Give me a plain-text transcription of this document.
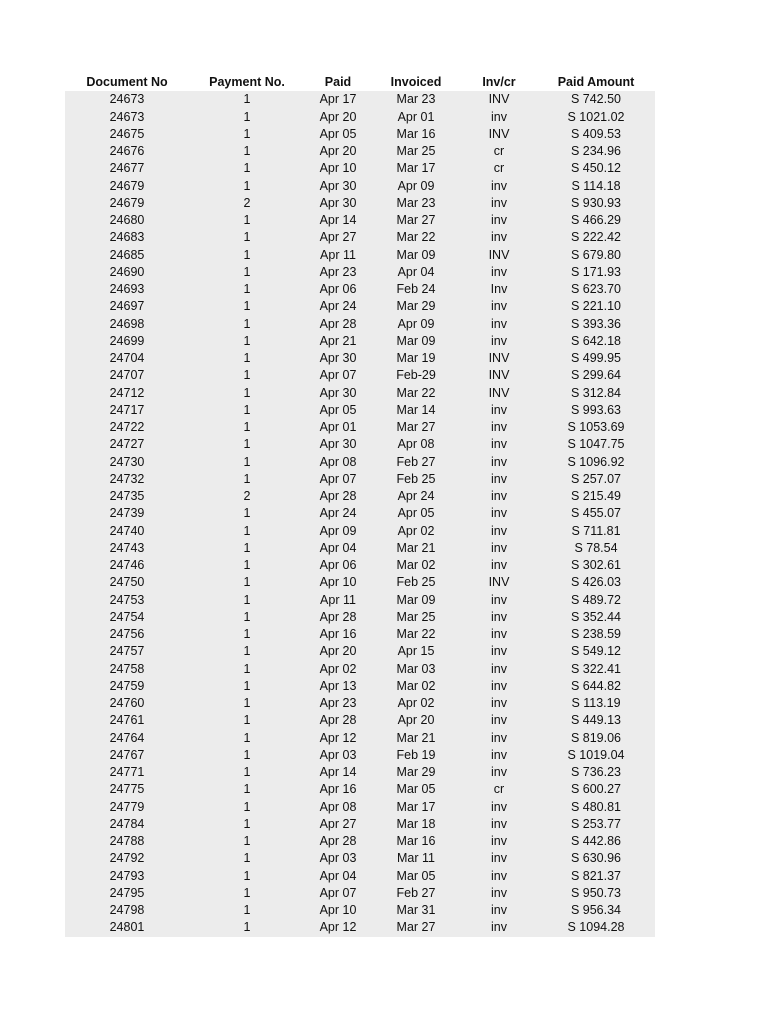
Document No	Payment No.	Paid	Invoiced	Inv/cr	Paid Amount
24673	1	Apr 17	Mar 23	INV	S 742.50
24673	1	Apr 20	Apr 01	inv	S 1021.02
24675	1	Apr 05	Mar 16	INV	S 409.53
24676	1	Apr 20	Mar 25	cr	S 234.96
24677	1	Apr 10	Mar 17	cr	S 450.12
24679	1	Apr 30	Apr 09	inv	S 114.18
24679	2	Apr 30	Mar 23	inv	S 930.93
24680	1	Apr 14	Mar 27	inv	S 466.29
24683	1	Apr 27	Mar 22	inv	S 222.42
24685	1	Apr 11	Mar 09	INV	S 679.80
24690	1	Apr 23	Apr 04	inv	S 171.93
24693	1	Apr 06	Feb 24	Inv	S 623.70
24697	1	Apr 24	Mar 29	inv	S 221.10
24698	1	Apr 28	Apr 09	inv	S 393.36
24699	1	Apr 21	Mar 09	inv	S 642.18
24704	1	Apr 30	Mar 19	INV	S 499.95
24707	1	Apr 07	Feb-29	INV	S 299.64
24712	1	Apr 30	Mar 22	INV	S 312.84
24717	1	Apr 05	Mar 14	inv	S 993.63
24722	1	Apr 01	Mar 27	inv	S 1053.69
24727	1	Apr 30	Apr 08	inv	S 1047.75
24730	1	Apr 08	Feb 27	inv	S 1096.92
24732	1	Apr 07	Feb 25	inv	S 257.07
24735	2	Apr 28	Apr 24	inv	S 215.49
24739	1	Apr 24	Apr 05	inv	S 455.07
24740	1	Apr 09	Apr 02	inv	S 711.81
24743	1	Apr 04	Mar 21	inv	S 78.54
24746	1	Apr 06	Mar 02	inv	S 302.61
24750	1	Apr 10	Feb 25	INV	S 426.03
24753	1	Apr 11	Mar 09	inv	S 489.72
24754	1	Apr 28	Mar 25	inv	S 352.44
24756	1	Apr 16	Mar 22	inv	S 238.59
24757	1	Apr 20	Apr 15	inv	S 549.12
24758	1	Apr 02	Mar 03	inv	S 322.41
24759	1	Apr 13	Mar 02	inv	S 644.82
24760	1	Apr 23	Apr 02	inv	S 113.19
24761	1	Apr 28	Apr 20	inv	S 449.13
24764	1	Apr 12	Mar 21	inv	S 819.06
24767	1	Apr 03	Feb 19	inv	S 1019.04
24771	1	Apr 14	Mar 29	inv	S 736.23
24775	1	Apr 16	Mar 05	cr	S 600.27
24779	1	Apr 08	Mar 17	inv	S 480.81
24784	1	Apr 27	Mar 18	inv	S 253.77
24788	1	Apr 28	Mar 16	inv	S 442.86
24792	1	Apr 03	Mar 11	inv	S 630.96
24793	1	Apr 04	Mar 05	inv	S 821.37
24795	1	Apr 07	Feb 27	inv	S 950.73
24798	1	Apr 10	Mar 31	inv	S 956.34
24801	1	Apr 12	Mar 27	inv	S 1094.28
